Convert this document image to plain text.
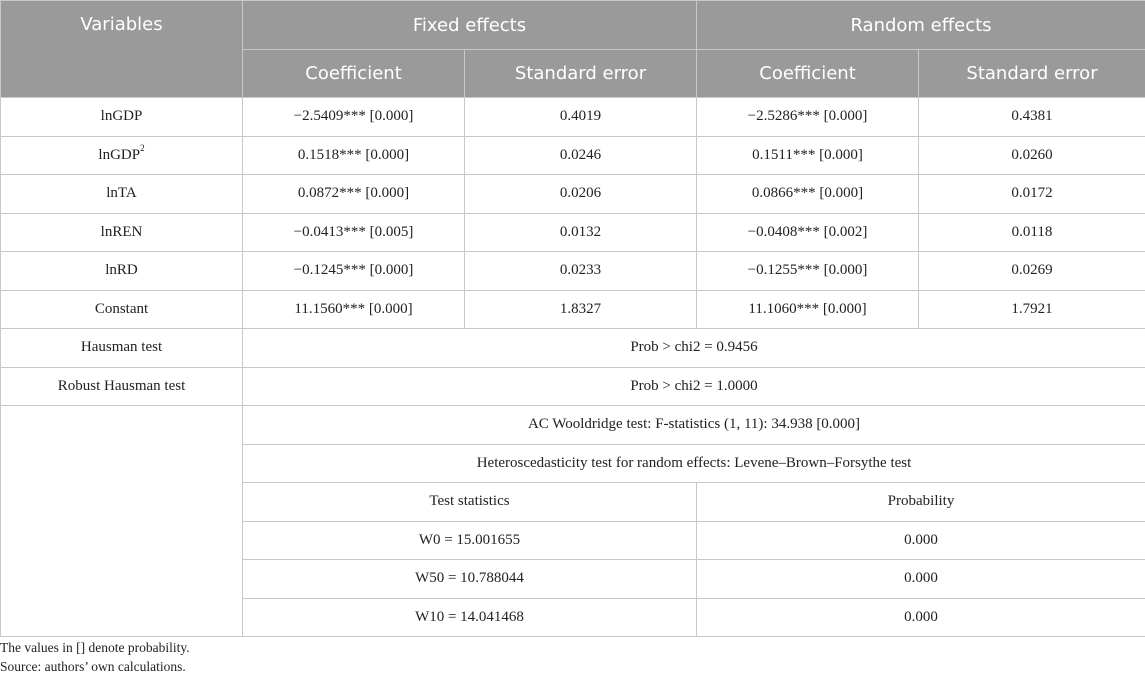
Variables	Fixed effects		Random effects	
	Coefficient	Standard error	Coefficient	Standard error
lnGDP	−2.5409*** [0.000]	0.4019	−2.5286*** [0.000]	0.4381
lnGDP$^2$	0.1518*** [0.000]	0.0246	0.1511*** [0.000]	0.0260
lnTA	0.0872*** [0.000]	0.0206	0.0866*** [0.000]	0.0172
lnREN	−0.0413*** [0.005]	0.0132	−0.0408*** [0.002]	0.0118
lnRD	−0.1245*** [0.000]	0.0233	−0.1255*** [0.000]	0.0269
Constant	11.1560*** [0.000]	1.8327	11.1060*** [0.000]	1.7921
Hausman test	Prob > chi2 = 0.9456			
Robust Hausman test	Prob > chi2 = 1.0000			
	AC Wooldridge test: F-statistics (1, 11): 34.938 [0.000]			
	Heteroscedasticity test for random effects: Levene–Brown–Forsythe test			
	Test statistics		Probability	
	W0 = 15.001655		0.000	
	W50 = 10.788044		0.000	
	W10 = 14.041468		0.000	
The values in [] denote probability.
Source: authors’ own calculations.
